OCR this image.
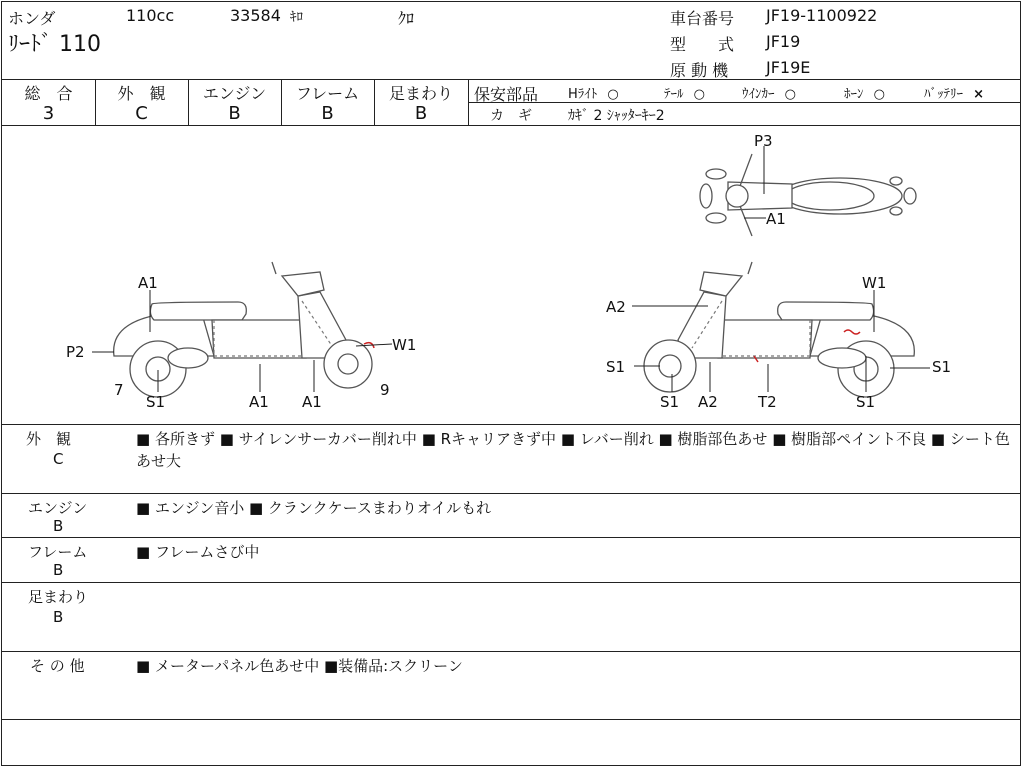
ホンダ	110cc	33584 ｷﾛ	ｸﾛ
ﾘｰﾄﾞ 110
車台番号 JF19-1100922
型　　式 JF19
原 動 機 JF19E
総　合
3
外　観
C
エンジン
B
フレーム
B
足まわり
B
保安部品 Hﾗｲﾄ ○	ﾃｰﾙ ○	ｳｲﾝｶｰ ○	ﾎｰﾝ ○	ﾊﾞｯﾃﾘｰ ×
カ　ギ	ｶｷﾞ 2 ｼｬｯﾀｰｷｰ2
P3
A1
A1
P2	W1
7
S1	A1 A1
9
A2
W1
S1	S1
S1 A2	T2	S1
外　観
C
■ 各所きず ■ サイレンサーカバー削れ中 ■ Rキャリアきず中 ■ レバー削れ ■ 樹脂部色あせ ■ 樹脂部ペイント不良 ■ シート色あせ大
エンジン
B
■ エンジン音小 ■ クランクケースまわりオイルもれ
フレーム
B
■ フレームさび中
足まわり
B
そ の 他	■ メーターパネル色あせ中 ■装備品:スクリーン
